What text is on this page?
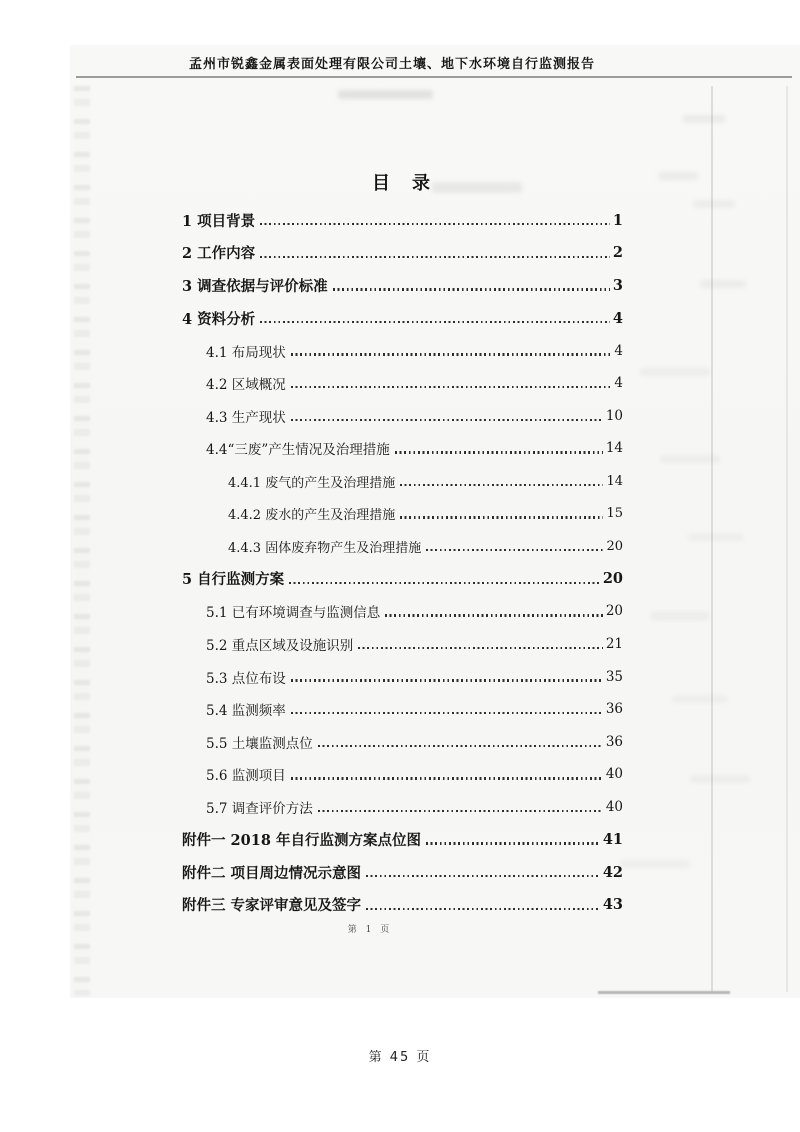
孟州市锐鑫金属表面处理有限公司土壤、地下水环境自行监测报告
目　录
1 项目背景	1
2 工作内容	2
3 调查依据与评价标准	3
4 资料分析	4
4.1 布局现状	4
4.2 区域概况	4
4.3 生产现状	10
4.4“三废”产生情况及治理措施	14
4.4.1 废气的产生及治理措施	14
4.4.2 废水的产生及治理措施	15
4.4.3 固体废弃物产生及治理措施	20
5 自行监测方案	20
5.1 已有环境调查与监测信息	20
5.2 重点区域及设施识别	21
5.3 点位布设	35
5.4 监测频率	36
5.5 土壤监测点位	36
5.6 监测项目	40
5.7 调查评价方法	40
附件一 2018 年自行监测方案点位图	41
附件二 项目周边情况示意图	42
附件三 专家评审意见及签字	43
第 1 页
第 45 页
